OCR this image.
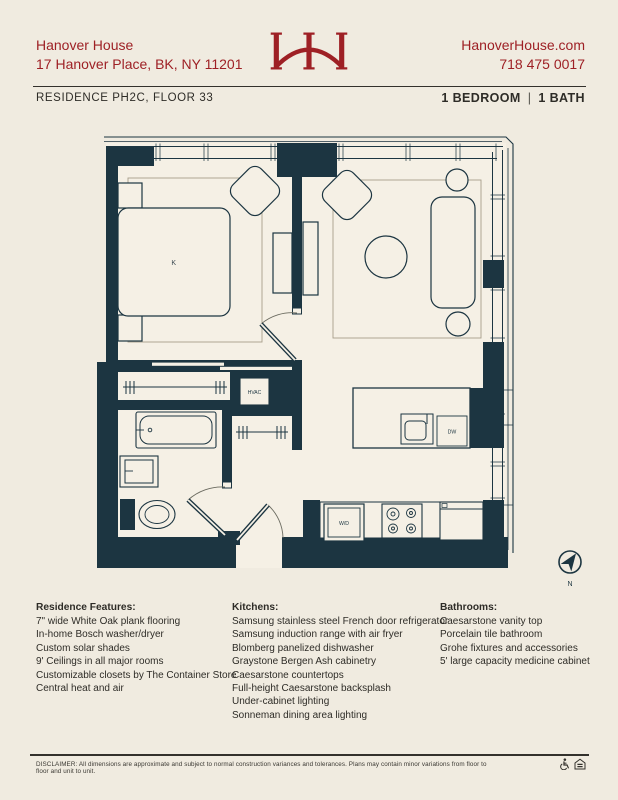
Hanover House
17 Hanover Place, BK, NY 11201
HanoverHouse.com
718 475 0017
RESIDENCE PH2C, FLOOR 33	1 BEDROOM | 1 BATH
HVAC
DW
W/D
K
N
Residence Features:
7" wide White Oak plank flooring
In-home Bosch washer/dryer
Custom solar shades
9' Ceilings in all major rooms
Customizable closets by The Container Store
Central heat and air
Kitchens:
Samsung stainless steel French door refrigerator
Samsung induction range with air fryer
Blomberg panelized dishwasher
Graystone Bergen Ash cabinetry
Caesarstone countertops
Full-height Caesarstone backsplash
Under-cabinet lighting
Sonneman dining area lighting
Bathrooms:
Caesarstone vanity top
Porcelain tile bathroom
Grohe fixtures and accessories
5' large capacity medicine cabinet
DISCLAIMER: All dimensions are approximate and subject to normal construction variances and tolerances. Plans may contain minor variations from floor to floor and unit to unit.
